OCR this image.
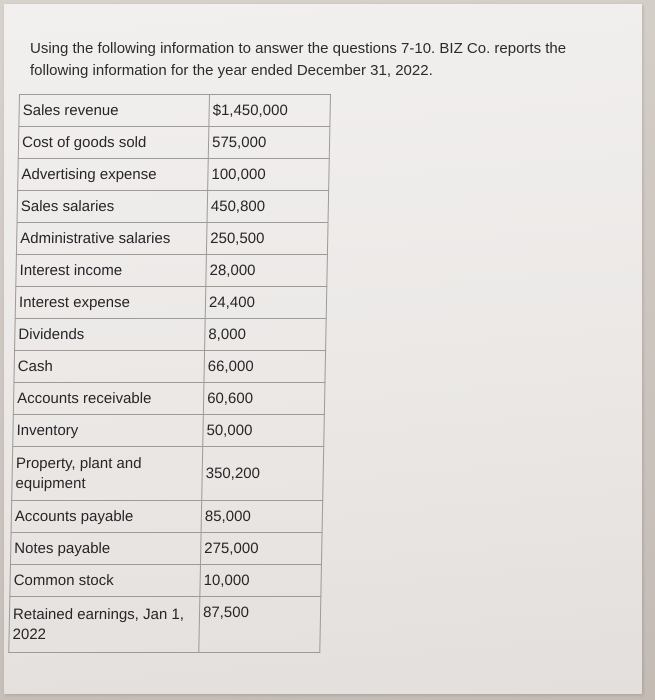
Using the following information to answer the questions 7-10. BIZ Co. reports the following information for the year ended December 31, 2022.

Sales revenue	$1,450,000
Cost of goods sold	575,000
Advertising expense	100,000
Sales salaries	450,800
Administrative salaries	250,500
Interest income	28,000
Interest expense	24,400
Dividends	8,000
Cash	66,000
Accounts receivable	60,600
Inventory	50,000
Property, plant and equipment	350,200
Accounts payable	85,000
Notes payable	275,000
Common stock	10,000
Retained earnings, Jan 1, 2022	87,500
